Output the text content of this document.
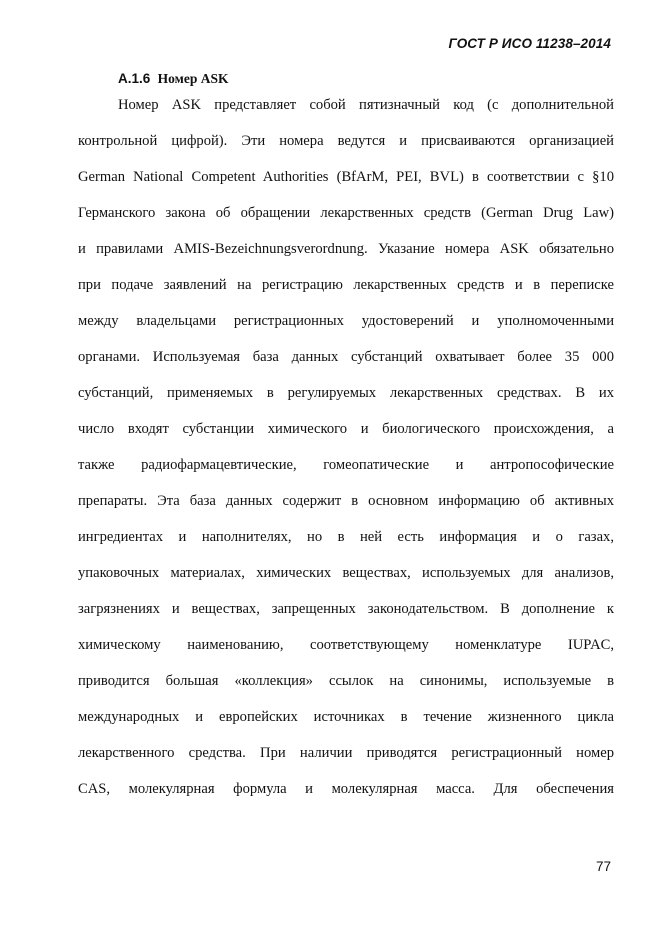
ГОСТ Р ИСО 11238–2014
A.1.6 Номер ASK
Номер ASK представляет собой пятизначный код (с дополнительной
контрольной цифрой). Эти номера ведутся и присваиваются организацией
German National Competent Authorities (BfArM, PEI, BVL) в соответствии с §10
Германского закона об обращении лекарственных средств (German Drug Law)
и правилами AMIS-Bezeichnungsverordnung. Указание номера ASK обязательно
при подаче заявлений на регистрацию лекарственных средств и в переписке
между владельцами регистрационных удостоверений и уполномоченными
органами. Используемая база данных субстанций охватывает более 35 000
субстанций, применяемых в регулируемых лекарственных средствах. В их
число входят субстанции химического и биологического происхождения, а
также радиофармацевтические, гомеопатические и антропософические
препараты. Эта база данных содержит в основном информацию об активных
ингредиентах и наполнителях, но в ней есть информация и о газах,
упаковочных материалах, химических веществах, используемых для анализов,
загрязнениях и веществах, запрещенных законодательством. В дополнение к
химическому наименованию, соответствующему номенклатуре IUPAC,
приводится большая «коллекция» ссылок на синонимы, используемые в
международных и европейских источниках в течение жизненного цикла
лекарственного средства. При наличии приводятся регистрационный номер
CAS, молекулярная формула и молекулярная масса. Для обеспечения
77
